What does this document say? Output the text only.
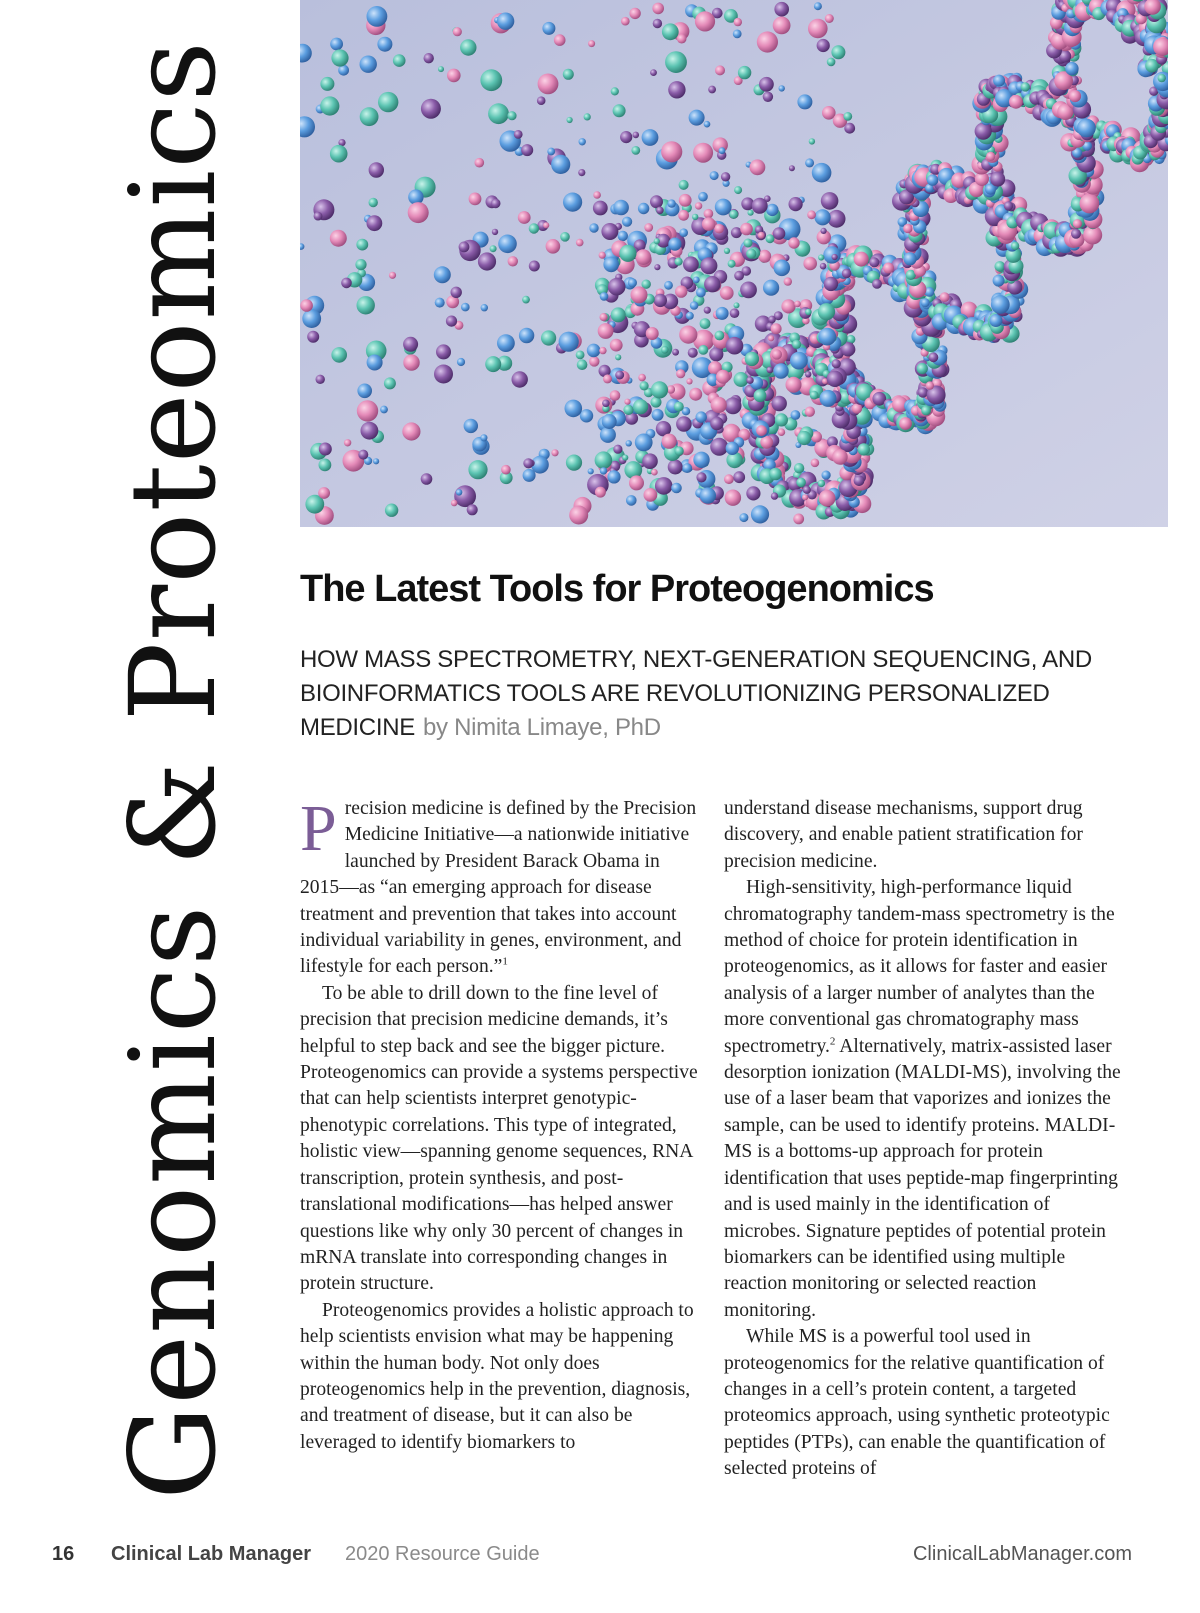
Genomics & Proteomics The Latest Tools for Proteogenomics
HOW MASS SPECTROMETRY, NEXT-GENERATION SEQUENCING, AND BIOINFORMATICS TOOLS ARE REVOLUTIONIZING PERSONALIZED MEDICINE by Nimita Limaye, PhD

Precision medicine is defined by the Precision Medicine Initiative—a nationwide initiative launched by President Barack Obama in 2015—as “an emerging approach for disease treatment and prevention that takes into account individual variability in genes, environment, and lifestyle for each person.”$^1$

To be able to drill down to the fine level of precision that precision medicine demands, it’s helpful to step back and see the bigger picture. Proteogenomics can provide a systems perspective that can help scientists interpret genotypic-phenotypic correlations. This type of integrated, holistic view—spanning genome sequences, RNA transcription, protein synthesis, and post-translational modifications—has helped answer questions like why only 30 percent of changes in mRNA translate into corresponding changes in protein structure.

Proteogenomics provides a holistic approach to help scientists envision what may be happening within the human body. Not only does proteogenomics help in the prevention, diagnosis, and treatment of disease, but it can also be leveraged to identify biomarkers to

understand disease mechanisms, support drug discovery, and enable patient stratification for precision medicine.

High-sensitivity, high-performance liquid chromatography tandem-mass spectrometry is the method of choice for protein identification in proteogenomics, as it allows for faster and easier analysis of a larger number of analytes than the more conventional gas chromatography mass spectrometry.$^2$ Alternatively, matrix-assisted laser desorption ionization (MALDI-MS), involving the use of a laser beam that vaporizes and ionizes the sample, can be used to identify proteins. MALDI-MS is a bottoms-up approach for protein identification that uses peptide-map fingerprinting and is used mainly in the identification of microbes. Signature peptides of potential protein biomarkers can be identified using multiple reaction monitoring or selected reaction monitoring.

While MS is a powerful tool used in proteogenomics for the relative quantification of changes in a cell’s protein content, a targeted proteomics approach, using synthetic proteotypic peptides (PTPs), can enable the quantification of selected proteins of

16 Clinical Lab Manager 2020 Resource Guide	ClinicalLabManager.com
